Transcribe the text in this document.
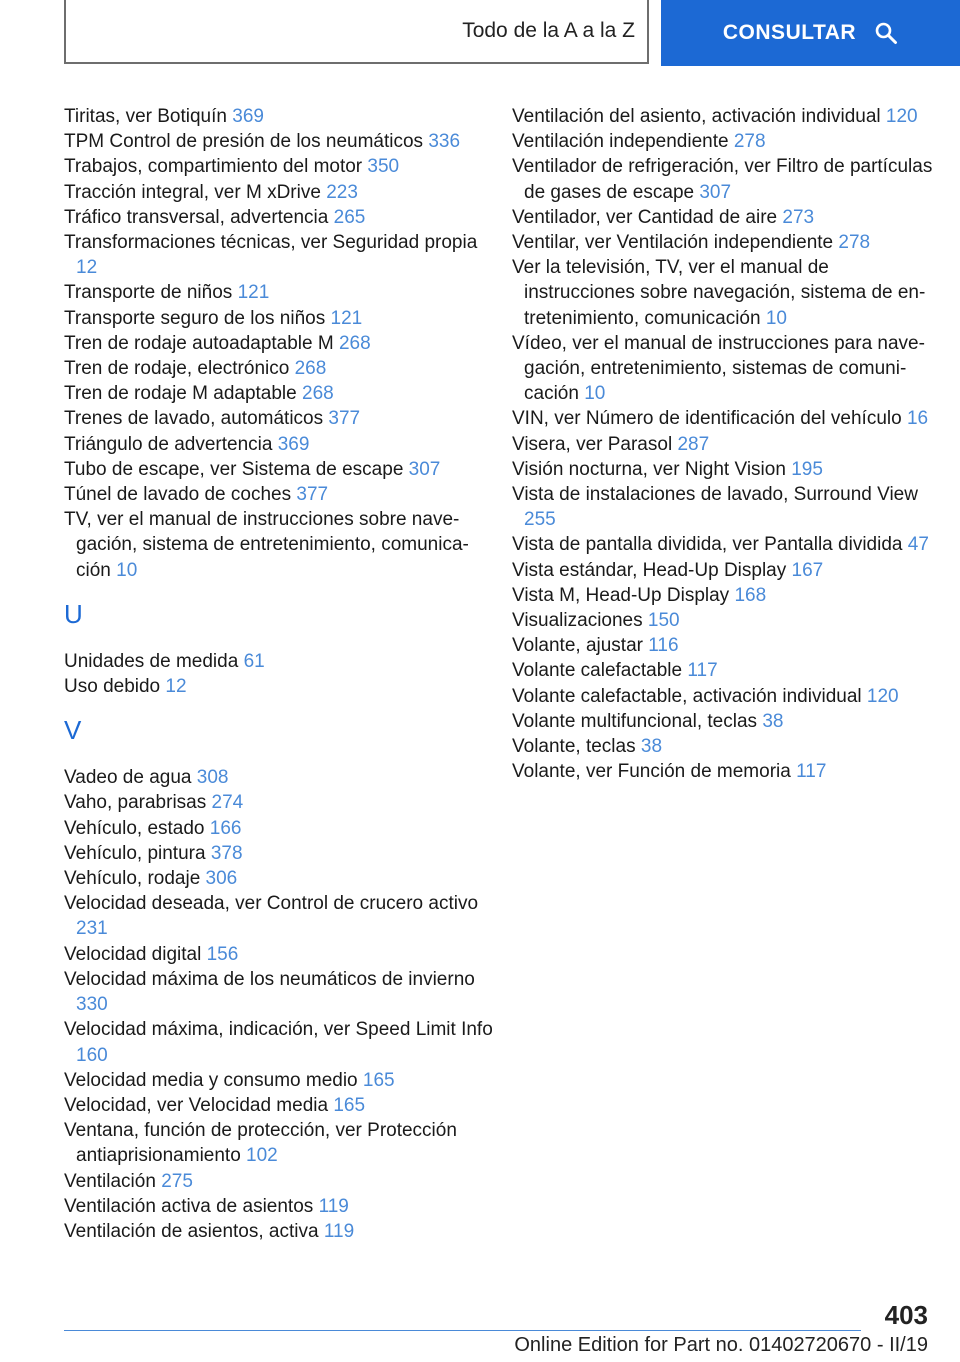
Todo de la A a la Z	CONSULTAR
Tiritas, ver Botiquín 369
TPM Control de presión de los neumáticos 336
Trabajos, compartimiento del motor 350
Tracción integral, ver M xDrive 223
Tráfico transversal, advertencia 265
Transformaciones técnicas, ver Seguridad propia 12
Transporte de niños 121
Transporte seguro de los niños 121
Tren de rodaje autoadaptable M 268
Tren de rodaje, electrónico 268
Tren de rodaje M adaptable 268
Trenes de lavado, automáticos 377
Triángulo de advertencia 369
Tubo de escape, ver Sistema de escape 307
Túnel de lavado de coches 377
TV, ver el manual de instrucciones sobre navegación, sistema de entretenimiento, comunicación 10
U
Unidades de medida 61
Uso debido 12
V
Vadeo de agua 308
Vaho, parabrisas 274
Vehículo, estado 166
Vehículo, pintura 378
Vehículo, rodaje 306
Velocidad deseada, ver Control de crucero activo 231
Velocidad digital 156
Velocidad máxima de los neumáticos de invierno 330
Velocidad máxima, indicación, ver Speed Limit Info 160
Velocidad media y consumo medio 165
Velocidad, ver Velocidad media 165
Ventana, función de protección, ver Protección antiaprisionamiento 102
Ventilación 275
Ventilación activa de asientos 119
Ventilación de asientos, activa 119
Ventilación del asiento, activación individual 120
Ventilación independiente 278
Ventilador de refrigeración, ver Filtro de partículas de gases de escape 307
Ventilador, ver Cantidad de aire 273
Ventilar, ver Ventilación independiente 278
Ver la televisión, TV, ver el manual de instrucciones sobre navegación, sistema de entretenimiento, comunicación 10
Vídeo, ver el manual de instrucciones para navegación, entretenimiento, sistemas de comunicación 10
VIN, ver Número de identificación del vehículo 16
Visera, ver Parasol 287
Visión nocturna, ver Night Vision 195
Vista de instalaciones de lavado, Surround View 255
Vista de pantalla dividida, ver Pantalla dividida 47
Vista estándar, Head-Up Display 167
Vista M, Head-Up Display 168
Visualizaciones 150
Volante, ajustar 116
Volante calefactable 117
Volante calefactable, activación individual 120
Volante multifuncional, teclas 38
Volante, teclas 38
Volante, ver Función de memoria 117
403
Online Edition for Part no. 01402720670 - II/19
